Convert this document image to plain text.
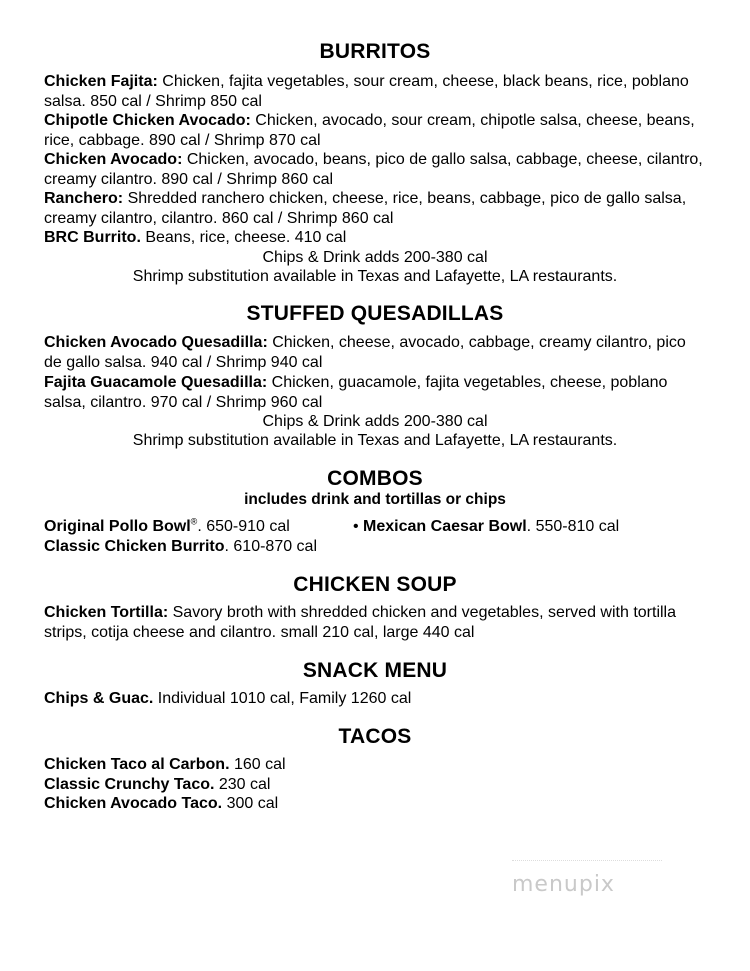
BURRITOS
Chicken Fajita: Chicken, fajita vegetables, sour cream, cheese, black beans, rice, poblano salsa. 850 cal / Shrimp 850 cal
Chipotle Chicken Avocado: Chicken, avocado, sour cream, chipotle salsa, cheese, beans, rice, cabbage. 890 cal / Shrimp 870 cal
Chicken Avocado: Chicken, avocado, beans, pico de gallo salsa, cabbage, cheese, cilantro, creamy cilantro. 890 cal / Shrimp 860 cal
Ranchero: Shredded ranchero chicken, cheese, rice, beans, cabbage, pico de gallo salsa, creamy cilantro, cilantro. 860 cal / Shrimp 860 cal
BRC Burrito. Beans, rice, cheese. 410 cal
Chips & Drink adds 200-380 cal
Shrimp substitution available in Texas and Lafayette, LA restaurants.
STUFFED QUESADILLAS
Chicken Avocado Quesadilla: Chicken, cheese, avocado, cabbage, creamy cilantro, pico de gallo salsa. 940 cal / Shrimp 940 cal
Fajita Guacamole Quesadilla: Chicken, guacamole, fajita vegetables, cheese, poblano salsa, cilantro. 970 cal / Shrimp 960 cal
Chips & Drink adds 200-380 cal
Shrimp substitution available in Texas and Lafayette, LA restaurants.
COMBOS
includes drink and tortillas or chips
Original Pollo Bowl®. 650-910 cal	• Mexican Caesar Bowl. 550-810 cal
Classic Chicken Burrito. 610-870 cal
CHICKEN SOUP
Chicken Tortilla: Savory broth with shredded chicken and vegetables, served with tortilla strips, cotija cheese and cilantro. small 210 cal, large 440 cal
SNACK MENU
Chips & Guac. Individual 1010 cal, Family 1260 cal
TACOS
Chicken Taco al Carbon. 160 cal
Classic Crunchy Taco. 230 cal
Chicken Avocado Taco. 300 cal
menupix
